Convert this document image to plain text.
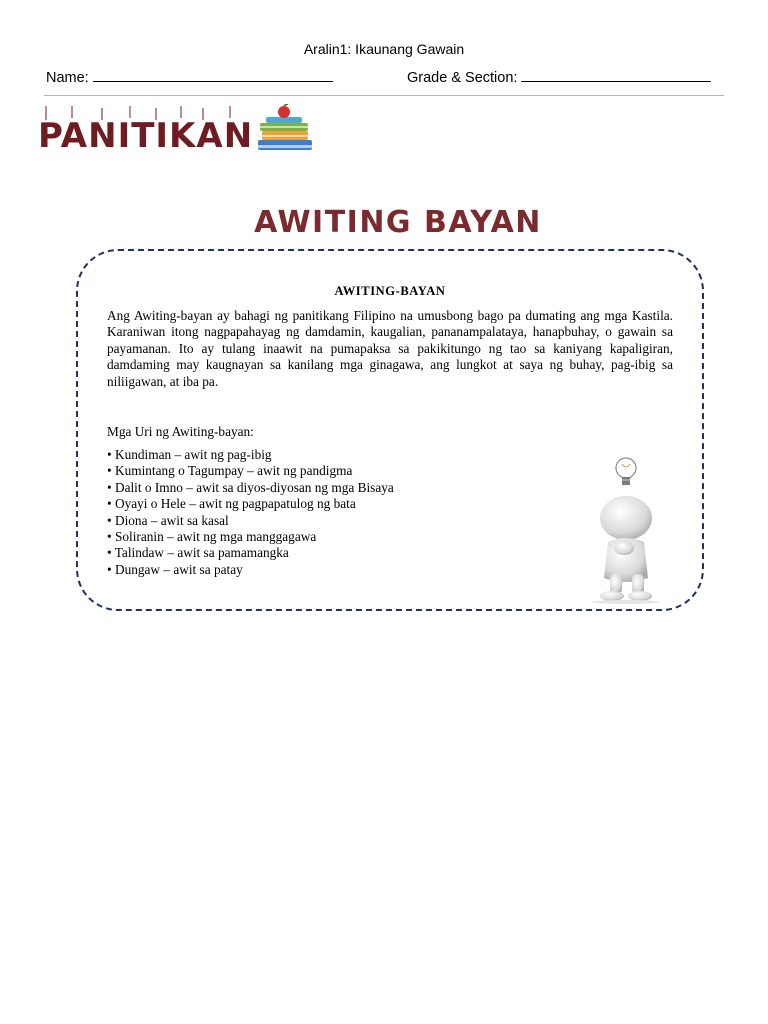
Aralin1: Ikaunang Gawain
Name:	Grade & Section:
PANITIKAN
AWITING BAYAN
AWITING-BAYAN
Ang Awiting-bayan ay bahagi ng panitikang Filipino na umusbong bago pa dumating ang mga Kastila. Karaniwan itong nagpapahayag ng damdamin, kaugalian, pananampalataya, hanapbuhay, o gawain sa payamanan. Ito ay tulang inaawit na pumapaksa sa pakikitungo ng tao sa kaniyang kapaligiran, damdaming may kaugnayan sa kanilang mga ginagawa, ang lungkot at saya ng buhay, pag-ibig sa niliigawan, at iba pa.
Mga Uri ng Awiting-bayan:
• Kundiman – awit ng pag-ibig
• Kumintang o Tagumpay – awit ng pandigma
• Dalit o Imno – awit sa diyos-diyosan ng mga Bisaya
• Oyayi o Hele – awit ng pagpapatulog ng bata
• Diona – awit sa kasal
• Soliranin – awit ng mga manggagawa
• Talindaw – awit sa pamamangka
• Dungaw – awit sa patay
